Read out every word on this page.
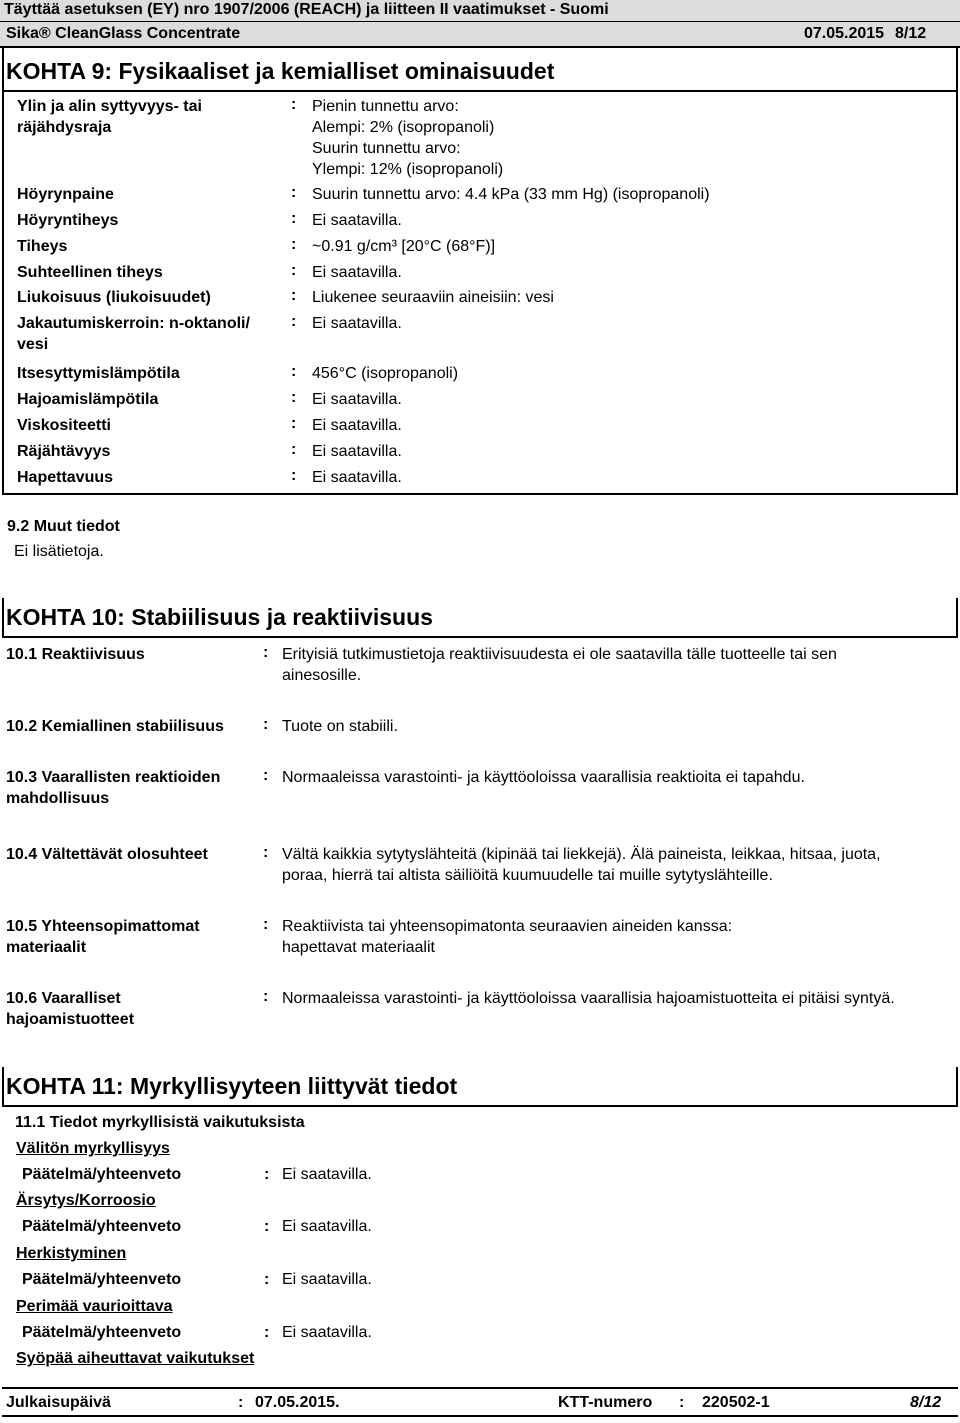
Täyttää asetuksen (EY) nro 1907/2006 (REACH) ja liitteen II vaatimukset - Suomi
Sika® CleanGlass Concentrate	07.05.2015 8/12
KOHTA 9: Fysikaaliset ja kemialliset ominaisuudet
Ylin ja alin syttyvyys- tai
räjähdysraja
: Pienin tunnettu arvo:
Alempi: 2% (isopropanoli)
Suurin tunnettu arvo:
Ylempi: 12% (isopropanoli)
Höyrynpaine	: Suurin tunnettu arvo: 4.4 kPa (33 mm Hg) (isopropanoli)
Höyryntiheys	: Ei saatavilla.
Tiheys	: ~0.91 g/cm³ [20°C (68°F)]
Suhteellinen tiheys	: Ei saatavilla.
Liukoisuus (liukoisuudet)	: Liukenee seuraaviin aineisiin: vesi
Jakautumiskerroin: n-oktanoli/
vesi
: Ei saatavilla.
Itsesyttymislämpötila	: 456°C (isopropanoli)
Hajoamislämpötila	: Ei saatavilla.
Viskositeetti	: Ei saatavilla.
Räjähtävyys	: Ei saatavilla.
Hapettavuus	: Ei saatavilla.
9.2 Muut tiedot
Ei lisätietoja.
KOHTA 10: Stabiilisuus ja reaktiivisuus
10.1 Reaktiivisuus	: Erityisiä tutkimustietoja reaktiivisuudesta ei ole saatavilla tälle tuotteelle tai sen
ainesosille.
10.2 Kemiallinen stabiilisuus : Tuote on stabiili.
10.3 Vaarallisten reaktioiden
mahdollisuus
: Normaaleissa varastointi- ja käyttöoloissa vaarallisia reaktioita ei tapahdu.
10.4 Vältettävät olosuhteet	: Vältä kaikkia sytytyslähteitä (kipinää tai liekkejä). Älä paineista, leikkaa, hitsaa, juota,
poraa, hierrä tai altista säiliöitä kuumuudelle tai muille sytytyslähteille.
10.5 Yhteensopimattomat
materiaalit
: Reaktiivista tai yhteensopimatonta seuraavien aineiden kanssa:
hapettavat materiaalit
10.6 Vaaralliset
hajoamistuotteet
: Normaaleissa varastointi- ja käyttöoloissa vaarallisia hajoamistuotteita ei pitäisi syntyä.
KOHTA 11: Myrkyllisyyteen liittyvät tiedot
11.1 Tiedot myrkyllisistä vaikutuksista
Välitön myrkyllisyys
Päätelmä/yhteenveto	: Ei saatavilla.
Ärsytys/Korroosio
Päätelmä/yhteenveto	: Ei saatavilla.
Herkistyminen
Päätelmä/yhteenveto	: Ei saatavilla.
Perimää vaurioittava
Päätelmä/yhteenveto	: Ei saatavilla.
Syöpää aiheuttavat vaikutukset
Julkaisupäivä	: 07.05.2015.	KTT-numero : 220502-1	8/12
